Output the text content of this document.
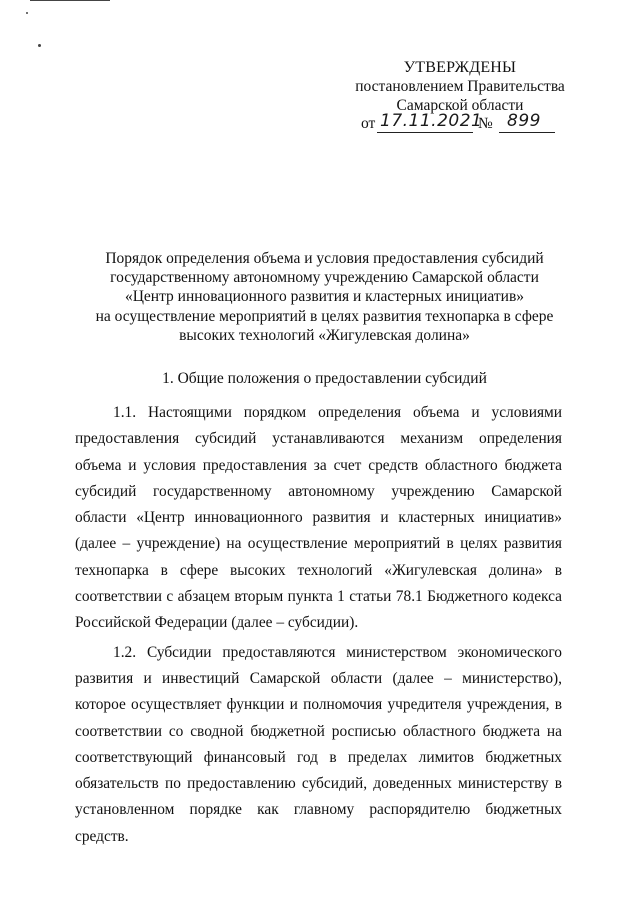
УТВЕРЖДЕНЫ
постановлением Правительства
Самарской области
от 17.11.2021
№ 899
Порядок определения объема и условия предоставления субсидий
государственному автономному учреждению Самарской области
«Центр инновационного развития и кластерных инициатив»
на осуществление мероприятий в целях развития технопарка в сфере
высоких технологий «Жигулевская долина»
1. Общие положения о предоставлении субсидий

1.1. Настоящими порядком определения объема и условиями предоставления субсидий устанавливаются механизм определения объема и условия предоставления за счет средств областного бюджета субсидий государственному автономному учреждению Самарской области «Центр инновационного развития и кластерных инициатив» (далее – учреждение) на осуществление мероприятий в целях развития технопарка в сфере высоких технологий «Жигулевская долина» в соответствии с абзацем вторым пункта 1 статьи 78.1 Бюджетного кодекса Российской Федерации (далее – субсидии).

1.2. Субсидии предоставляются министерством экономического развития и инвестиций Самарской области (далее – министерство), которое осуществляет функции и полномочия учредителя учреждения, в соответствии со сводной бюджетной росписью областного бюджета на соответствующий финансовый год в пределах лимитов бюджетных обязательств по предоставлению субсидий, доведенных министерству в установленном порядке как главному распорядителю бюджетных средств.
